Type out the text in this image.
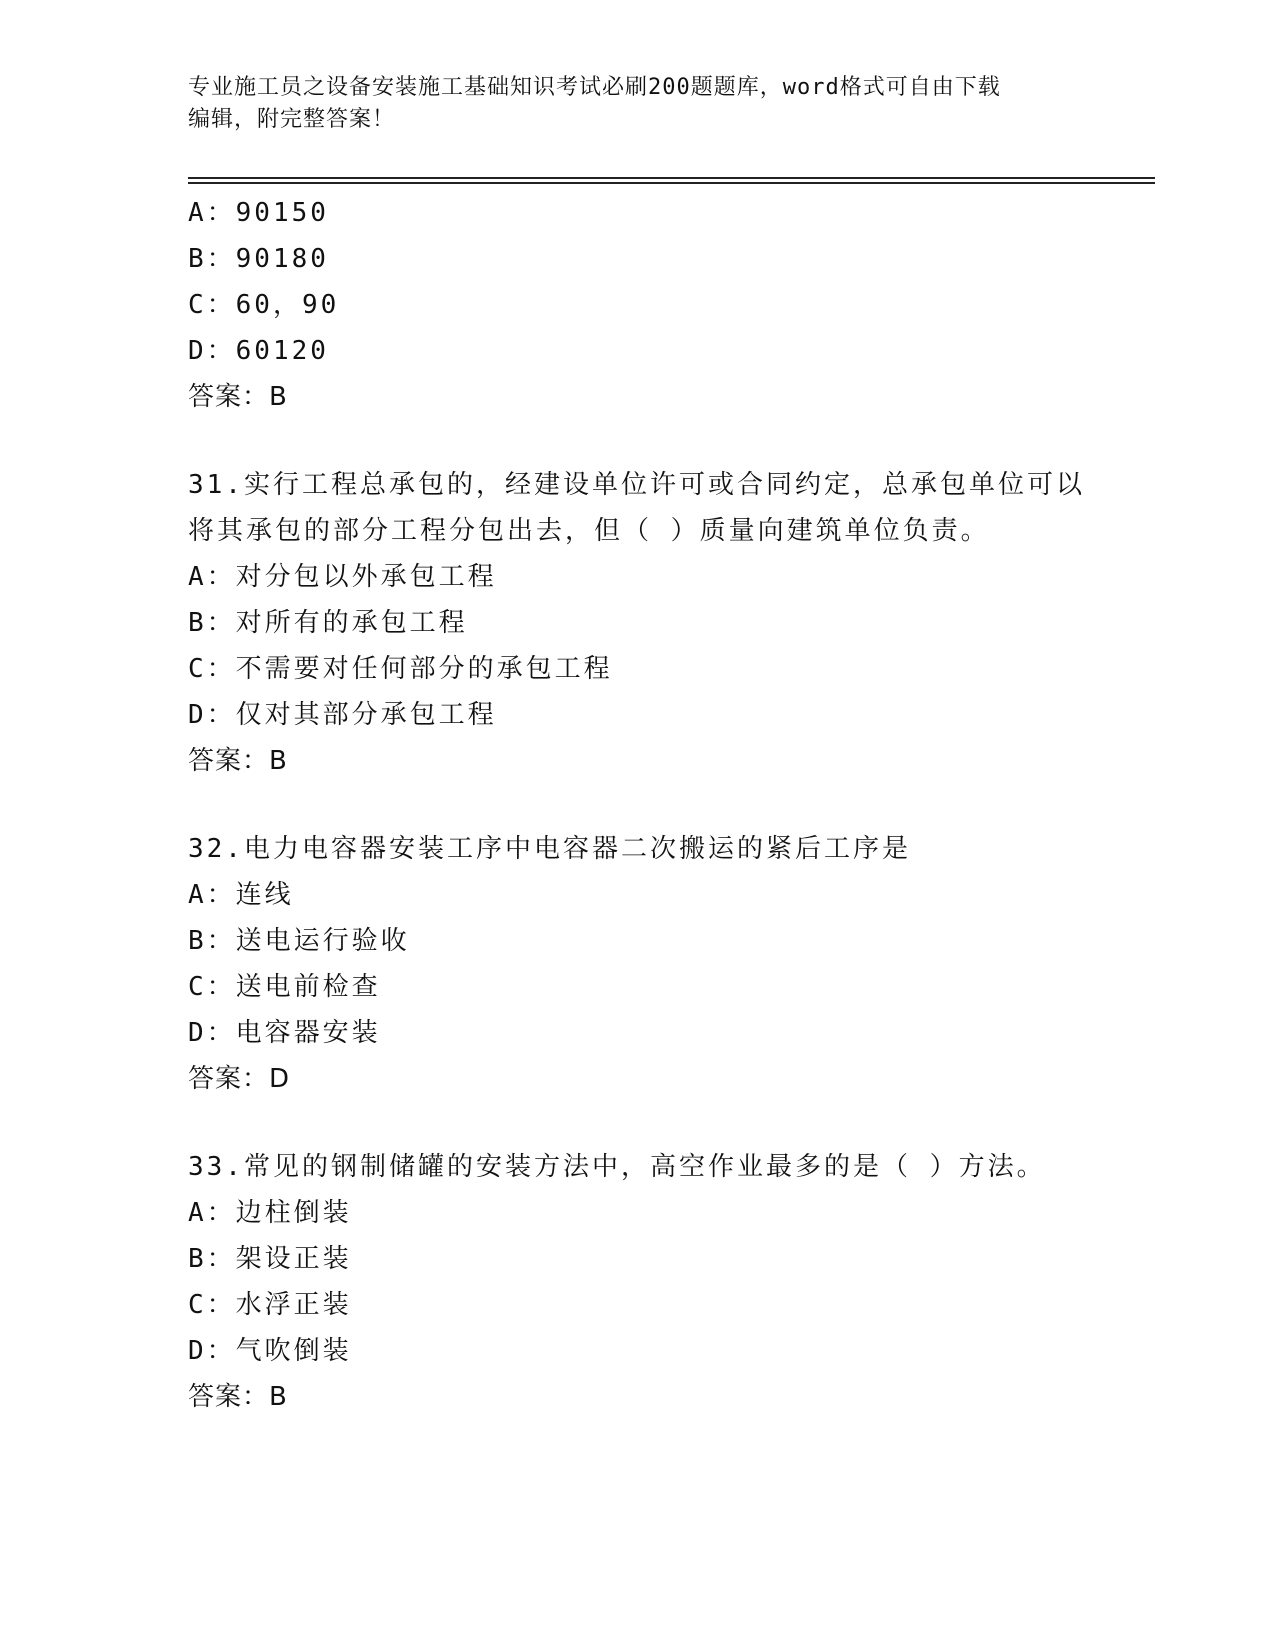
专业施工员之设备安装施工基础知识考试必刷200题题库，word格式可自由下载
编辑，附完整答案！
A：90150
B：90180
C：60，90
D：60120
答案：B
31.实行工程总承包的，经建设单位许可或合同约定，总承包单位可以
将其承包的部分工程分包出去，但（ ）质量向建筑单位负责。
A：对分包以外承包工程
B：对所有的承包工程
C：不需要对任何部分的承包工程
D：仅对其部分承包工程
答案：B
32.电力电容器安装工序中电容器二次搬运的紧后工序是
A：连线
B：送电运行验收
C：送电前检查
D：电容器安装
答案：D
33.常见的钢制储罐的安装方法中，高空作业最多的是（ ）方法。
A：边柱倒装
B：架设正装
C：水浮正装
D：气吹倒装
答案：B
